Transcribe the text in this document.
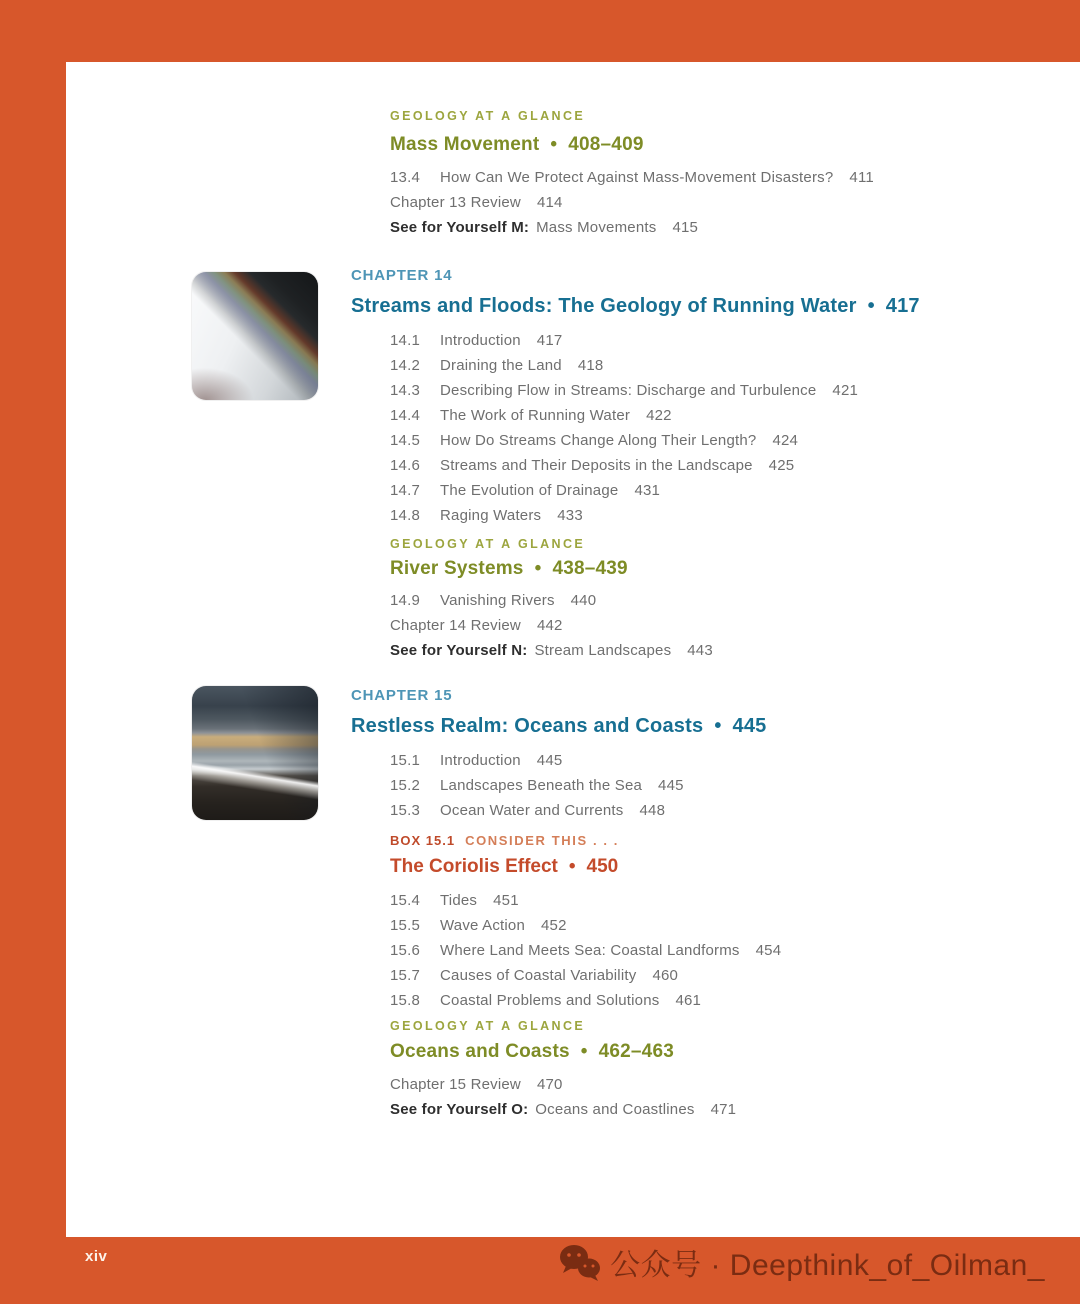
GEOLOGY AT A GLANCE
Mass Movement • 408–409
13.4	How Can We Protect Against Mass-Movement Disasters? 411
Chapter 13 Review 414
See for Yourself M: Mass Movements 415
CHAPTER 14
Streams and Floods: The Geology of Running Water • 417
14.1	Introduction 417
14.2	Draining the Land 418
14.3	Describing Flow in Streams: Discharge and Turbulence 421
14.4	The Work of Running Water 422
14.5	How Do Streams Change Along Their Length? 424
14.6	Streams and Their Deposits in the Landscape 425
14.7	The Evolution of Drainage 431
14.8	Raging Waters 433
GEOLOGY AT A GLANCE
River Systems • 438–439
14.9	Vanishing Rivers 440
Chapter 14 Review 442
See for Yourself N: Stream Landscapes 443
CHAPTER 15
Restless Realm: Oceans and Coasts • 445
15.1	Introduction 445
15.2	Landscapes Beneath the Sea 445
15.3	Ocean Water and Currents 448
BOX 15.1 CONSIDER THIS . . .
The Coriolis Effect • 450
15.4	Tides 451
15.5	Wave Action 452
15.6	Where Land Meets Sea: Coastal Landforms 454
15.7	Causes of Coastal Variability 460
15.8	Coastal Problems and Solutions 461
GEOLOGY AT A GLANCE
Oceans and Coasts • 462–463
Chapter 15 Review 470
See for Yourself O: Oceans and Coastlines 471
xiv	公众号 · Deepthink_of_Oilman_
